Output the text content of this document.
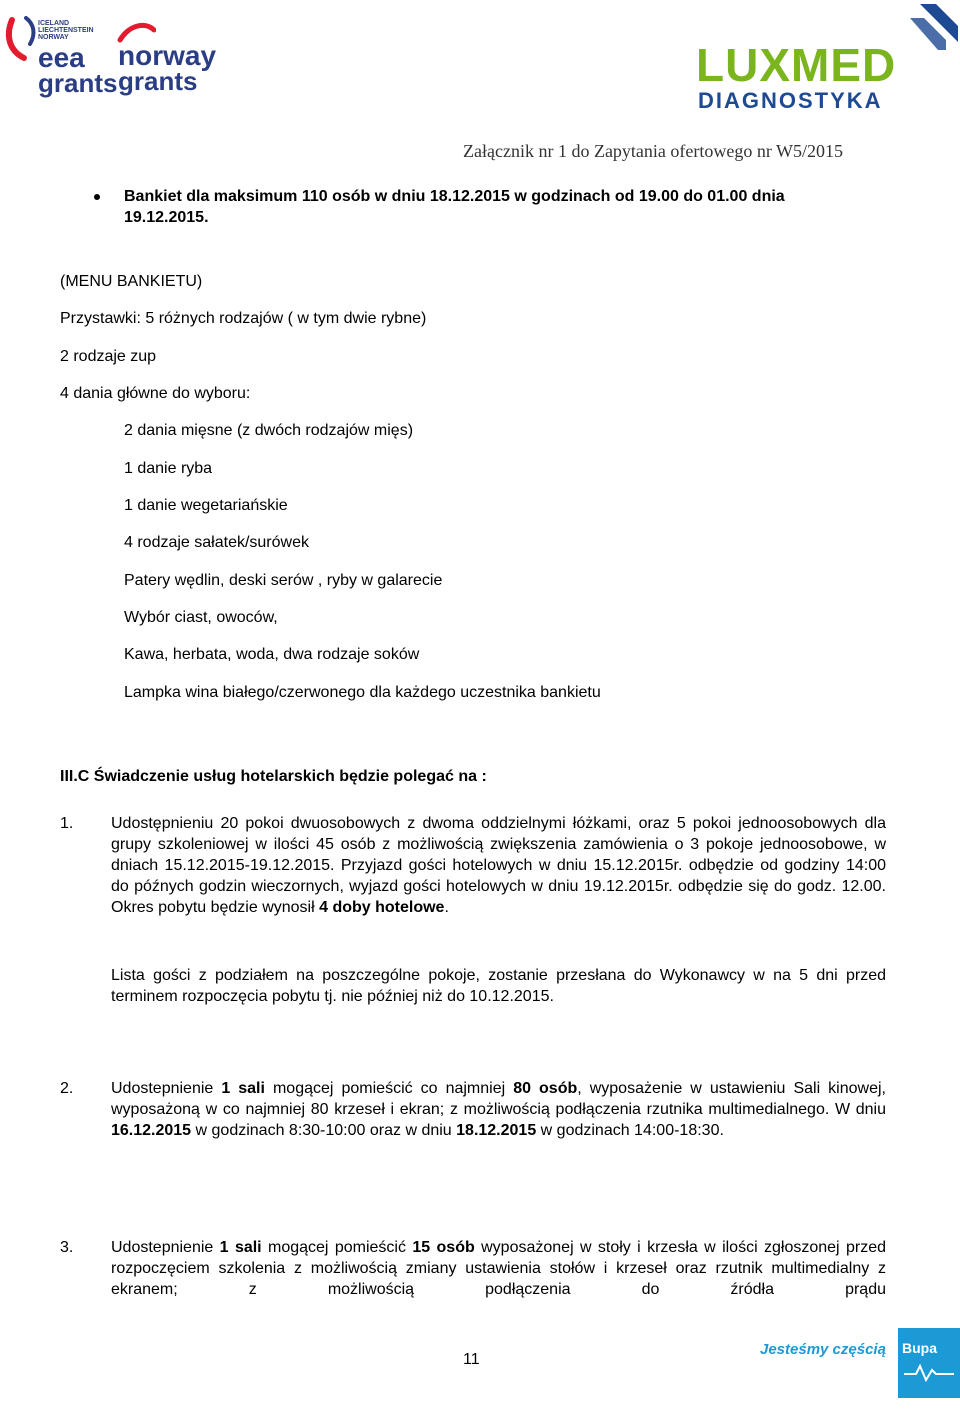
ICELAND
LIECHTENSTEIN
NORWAY
eea
grants
norway
grants	LUXMED
DIAGNOSTYKA
Załącznik nr 1 do Zapytania ofertowego nr W5/2015
Bankiet dla maksimum 110 osób w dniu 18.12.2015 w godzinach od 19.00 do 01.00 dnia
19.12.2015.
(MENU BANKIETU)
Przystawki: 5 różnych rodzajów ( w tym dwie rybne)
2 rodzaje zup
4 dania główne do wyboru:
2 dania mięsne (z dwóch rodzajów mięs)
1 danie ryba
1 danie wegetariańskie
4 rodzaje sałatek/surówek
Patery wędlin, deski serów , ryby w galarecie
Wybór ciast, owoców,
Kawa, herbata, woda, dwa rodzaje soków
Lampka wina białego/czerwonego dla każdego uczestnika bankietu
III.C Świadczenie usług hotelarskich będzie polegać na :
1. Udostępnieniu 20 pokoi dwuosobowych z dwoma oddzielnymi łóżkami, oraz 5 pokoi jednoosobowych dla grupy szkoleniowej w ilości 45 osób z możliwością zwiększenia zamówienia o 3 pokoje jednoosobowe, w dniach 15.12.2015-19.12.2015. Przyjazd gości hotelowych w dniu 15.12.2015r. odbędzie od godziny 14:00 do późnych godzin wieczornych, wyjazd gości hotelowych w dniu 19.12.2015r. odbędzie się do godz. 12.00. Okres pobytu będzie wynosił 4 doby hotelowe.

Lista gości z podziałem na poszczególne pokoje, zostanie przesłana do Wykonawcy w na 5 dni przed terminem rozpoczęcia pobytu tj. nie później niż do 10.12.2015.

2. Udostepnienie 1 sali mogącej pomieścić co najmniej 80 osób, wyposażenie w ustawieniu Sali kinowej, wyposażoną w co najmniej 80 krzeseł i ekran; z możliwością podłączenia rzutnika multimedialnego. W dniu 16.12.2015 w godzinach 8:30-10:00 oraz w dniu 18.12.2015 w godzinach 14:00-18:30.

3. Udostepnienie 1 sali mogącej pomieścić 15 osób wyposażonej w stoły i krzesła w ilości zgłoszonej przed rozpoczęciem szkolenia z możliwością zmiany ustawienia stołów i krzeseł oraz rzutnik multimedialny z ekranem; z możliwością podłączenia do źródła prądu

11
Jesteśmy częścią Bupa
